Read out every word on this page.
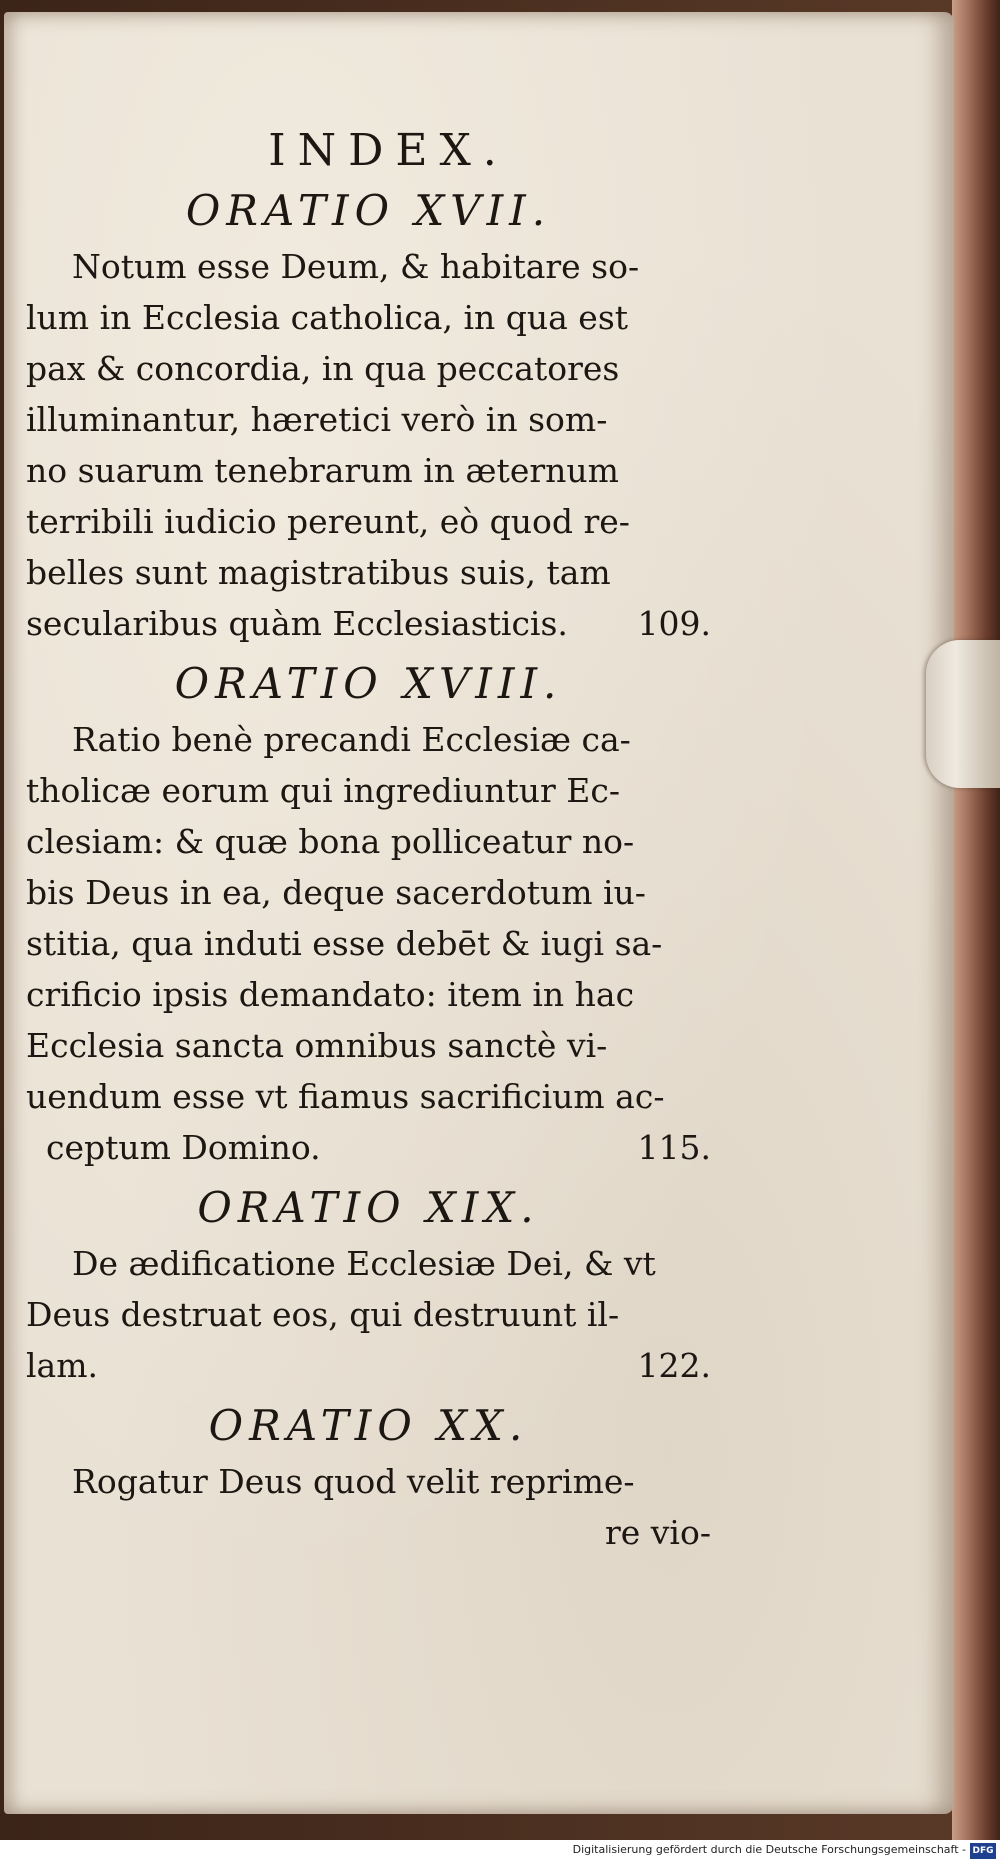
INDEX.
ORATIO XVII.

Notum esse Deum, & habitare so-

lum in Ecclesia catholica, in qua est

pax & concordia, in qua peccatores

illuminantur, hæretici verò in som-

no suarum tenebrarum in æternum

terribili iudicio pereunt, eò quod re-

belles sunt magistratibus suis, tam

secularibus quàm Ecclesiasticis. 109.

ORATIO XVIII.

Ratio benè precandi Ecclesiæ ca-

tholicæ eorum qui ingrediuntur Ec-

clesiam: & quæ bona polliceatur no-

bis Deus in ea, deque sacerdotum iu-

stitia, qua induti esse debēt & iugi sa-

crificio ipsis demandato: item in hac

Ecclesia sancta omnibus sanctè vi-

uendum esse vt fiamus sacrificium ac-

ceptum Domino.	115.

ORATIO XIX.

De ædificatione Ecclesiæ Dei, & vt

Deus destruat eos, qui destruunt il-

lam.	122.

ORATIO XX.

Rogatur Deus quod velit reprime-

re vio-

Digitalisierung gefördert durch die Deutsche Forschungsgemeinschaft - DFG
